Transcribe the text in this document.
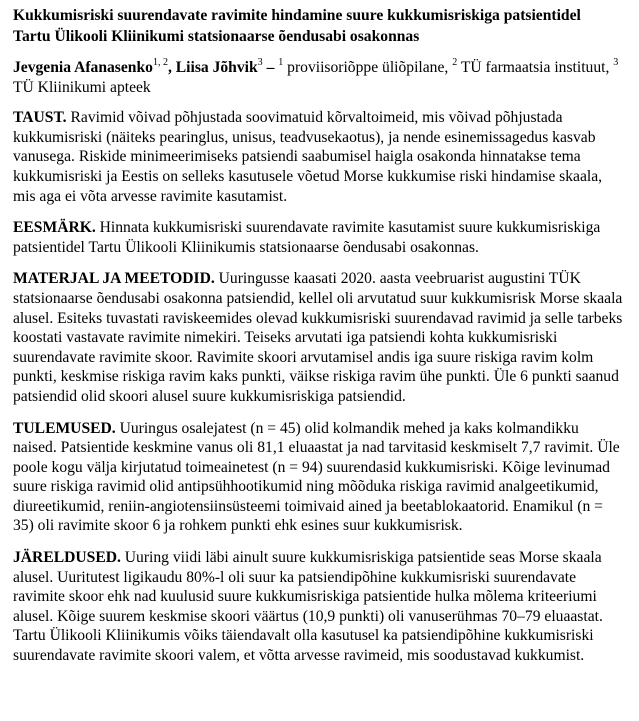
Kukkumisriski suurendavate ravimite hindamine suure kukkumisriskiga patsientidel
Tartu Ülikooli Kliinikumi statsionaarse õendusabi osakonnas

Jevgenia Afanasenko$^{1, 2}$, Liisa Jõhvik$^3$ – $^1$ proviisoriõppe üliõpilane, $^2$ TÜ farmaatsia instituut, $^3$ TÜ Kliinikumi apteek

TAUST. Ravimid võivad põhjustada soovimatuid kõrvaltoimeid, mis võivad põhjustada kukkumisriski (näiteks pearinglus, unisus, teadvusekaotus), ja nende esinemissagedus kasvab vanusega. Riskide minimeerimiseks patsiendi saabumisel haigla osakonda hinnatakse tema kukkumisriski ja Eestis on selleks kasutusele võetud Morse kukkumise riski hindamise skaala, mis aga ei võta arvesse ravimite kasutamist.

EESMÄRK. Hinnata kukkumisriski suurendavate ravimite kasutamist suure kukkumisriskiga patsientidel Tartu Ülikooli Kliinikumis statsionaarse õendusabi osakonnas.

MATERJAL JA MEETODID. Uuringusse kaasati 2020. aasta veebruarist augustini TÜK statsionaarse õendusabi osakonna patsiendid, kellel oli arvutatud suur kukkumisrisk Morse skaala alusel. Esiteks tuvastati raviskeemides olevad kukkumisriski suurendavad ravimid ja selle tarbeks koostati vastavate ravimite nimekiri. Teiseks arvutati iga patsiendi kohta kukkumisriski suurendavate ravimite skoor. Ravimite skoori arvutamisel andis iga suure riskiga ravim kolm punkti, keskmise riskiga ravim kaks punkti, väikse riskiga ravim ühe punkti. Üle 6 punkti saanud patsiendid olid skoori alusel suure kukkumisriskiga patsiendid.

TULEMUSED. Uuringus osalejatest (n = 45) olid kolmandik mehed ja kaks kolmandikku naised. Patsientide keskmine vanus oli 81,1 eluaastat ja nad tarvitasid keskmiselt 7,7 ravimit. Üle poole kogu välja kirjutatud toimeainetest (n = 94) suurendasid kukkumisriski. Kõige levinumad suure riskiga ravimid olid antipsühhootikumid ning mõõduka riskiga ravimid analgeetikumid, diureetikumid, reniin-angiotensiinsüsteemi toimivaid ained ja beetablokaatorid. Enamikul (n = 35) oli ravimite skoor 6 ja rohkem punkti ehk esines suur kukkumisrisk.

JÄRELDUSED. Uuring viidi läbi ainult suure kukkumisriskiga patsientide seas Morse skaala alusel. Uuritutest ligikaudu 80%-l oli suur ka patsiendipõhine kukkumisriski suurendavate ravimite skoor ehk nad kuulusid suure kukkumisriskiga patsientide hulka mõlema kriteeriumi alusel. Kõige suurem keskmise skoori väärtus (10,9 punkti) oli vanuserühmas 70–79 eluaastat. Tartu Ülikooli Kliinikumis võiks täiendavalt olla kasutusel ka patsiendipõhine kukkumisriski suurendavate ravimite skoori valem, et võtta arvesse ravimeid, mis soodustavad kukkumist.
